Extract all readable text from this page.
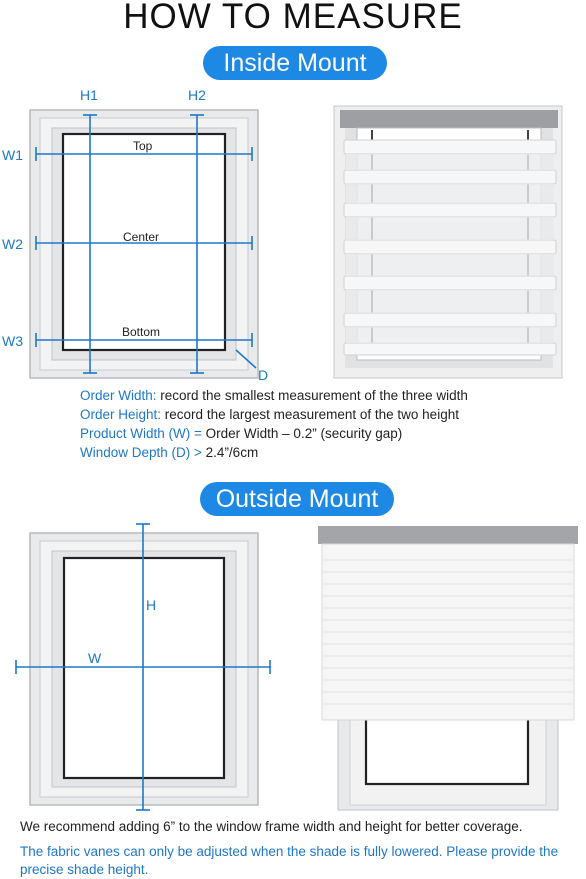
HOW TO MEASURE
Inside Mount
H1	H2
W1
W2
W3
D
Top
Center
Bottom
Order Width: record the smallest measurement of the three width
Order Height: record the largest measurement of the two height
Product Width (W) = Order Width – 0.2” (security gap)
Window Depth (D) > 2.4”/6cm
Outside Mount
H
W
We recommend adding 6” to the window frame width and height for better coverage.
The fabric vanes can only be adjusted when the shade is fully lowered. Please provide the precise shade height.
